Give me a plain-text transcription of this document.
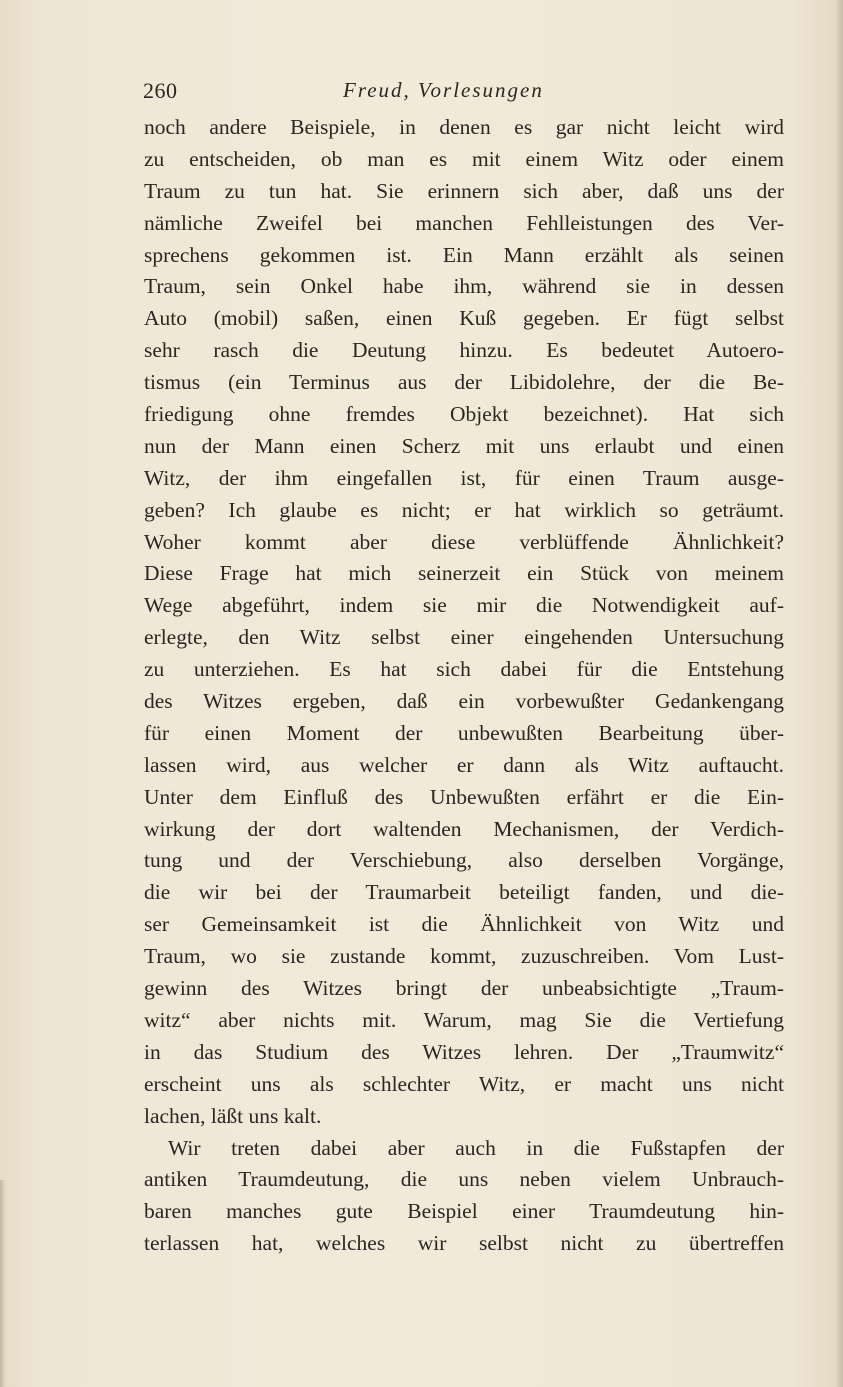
260	Freud, Vorlesungen
noch andere Beispiele, in denen es gar nicht leicht wird
zu entscheiden, ob man es mit einem Witz oder einem
Traum zu tun hat. Sie erinnern sich aber, daß uns der
nämliche Zweifel bei manchen Fehlleistungen des Ver-
sprechens gekommen ist. Ein Mann erzählt als seinen
Traum, sein Onkel habe ihm, während sie in dessen
Auto (mobil) saßen, einen Kuß gegeben. Er fügt selbst
sehr rasch die Deutung hinzu. Es bedeutet Autoero-
tismus (ein Terminus aus der Libidolehre, der die Be-
friedigung ohne fremdes Objekt bezeichnet). Hat sich
nun der Mann einen Scherz mit uns erlaubt und einen
Witz, der ihm eingefallen ist, für einen Traum ausge-
geben? Ich glaube es nicht; er hat wirklich so geträumt.
Woher kommt aber diese verblüffende Ähnlichkeit?
Diese Frage hat mich seinerzeit ein Stück von meinem
Wege abgeführt, indem sie mir die Notwendigkeit auf-
erlegte, den Witz selbst einer eingehenden Untersuchung
zu unterziehen. Es hat sich dabei für die Entstehung
des Witzes ergeben, daß ein vorbewußter Gedankengang
für einen Moment der unbewußten Bearbeitung über-
lassen wird, aus welcher er dann als Witz auftaucht.
Unter dem Einfluß des Unbewußten erfährt er die Ein-
wirkung der dort waltenden Mechanismen, der Verdich-
tung und der Verschiebung, also derselben Vorgänge,
die wir bei der Traumarbeit beteiligt fanden, und die-
ser Gemeinsamkeit ist die Ähnlichkeit von Witz und
Traum, wo sie zustande kommt, zuzuschreiben. Vom Lust-
gewinn des Witzes bringt der unbeabsichtigte „Traum-
witz“ aber nichts mit. Warum, mag Sie die Vertiefung
in das Studium des Witzes lehren. Der „Traumwitz“
erscheint uns als schlechter Witz, er macht uns nicht
lachen, läßt uns kalt.
Wir treten dabei aber auch in die Fußstapfen der
antiken Traumdeutung, die uns neben vielem Unbrauch-
baren manches gute Beispiel einer Traumdeutung hin-
terlassen hat, welches wir selbst nicht zu übertreffen
